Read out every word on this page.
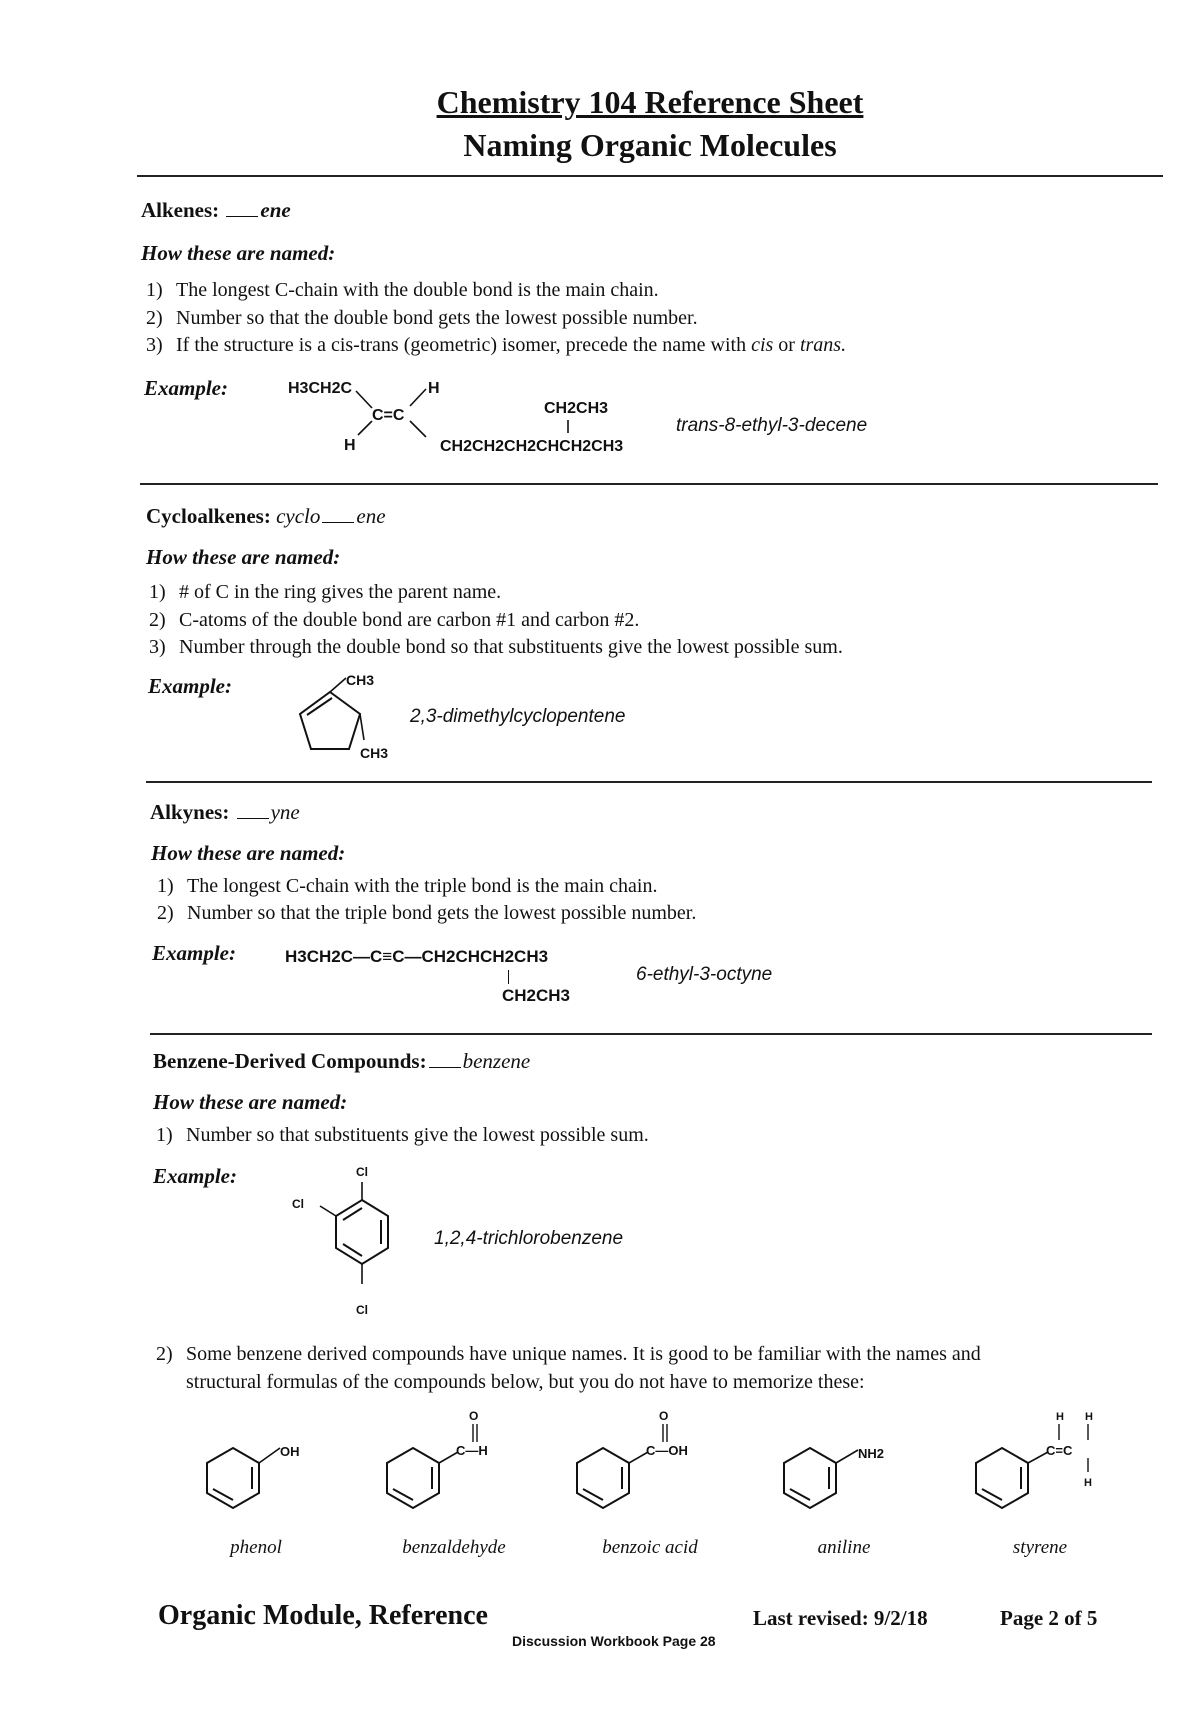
Chemistry 104 Reference Sheet
Naming Organic Molecules
Alkenes: ene
How these are named:
1) The longest C-chain with the double bond is the main chain.
2) Number so that the double bond gets the lowest possible number.
3) If the structure is a cis-trans (geometric) isomer, precede the name with cis or trans.
Example:	H3CH2C
C=C
H
H
CH2CH3
CH2CH2CH2CHCH2CH3
trans-8-ethyl-3-decene
Cycloalkenes: cyclo ene
How these are named:
1) # of C in the ring gives the parent name.
2) C-atoms of the double bond are carbon #1 and carbon #2.
3) Number through the double bond so that substituents give the lowest possible sum.
Example:	CH3
CH3
2,3-dimethylcyclopentene
Alkynes: yne
How these are named:
1) The longest C-chain with the triple bond is the main chain.
2) Number so that the triple bond gets the lowest possible number.
Example:	H3CH2C—C≡C—CH2CHCH2CH3
CH2CH3
6-ethyl-3-octyne
Benzene-Derived Compounds: benzene
How these are named:
1) Number so that substituents give the lowest possible sum.
Example:	Cl
Cl
Cl
1,2,4-trichlorobenzene
2) Some benzene derived compounds have unique names. It is good to be familiar with the names and
structural formulas of the compounds below, but you do not have to memorize these:
OH	C—H
O
C—OH
O
NH2	C=C
H H
H
phenol	benzaldehyde	benzoic acid	aniline	styrene
Organic Module, Reference
Discussion Workbook Page 28
Last revised: 9/2/18	Page 2 of 5
